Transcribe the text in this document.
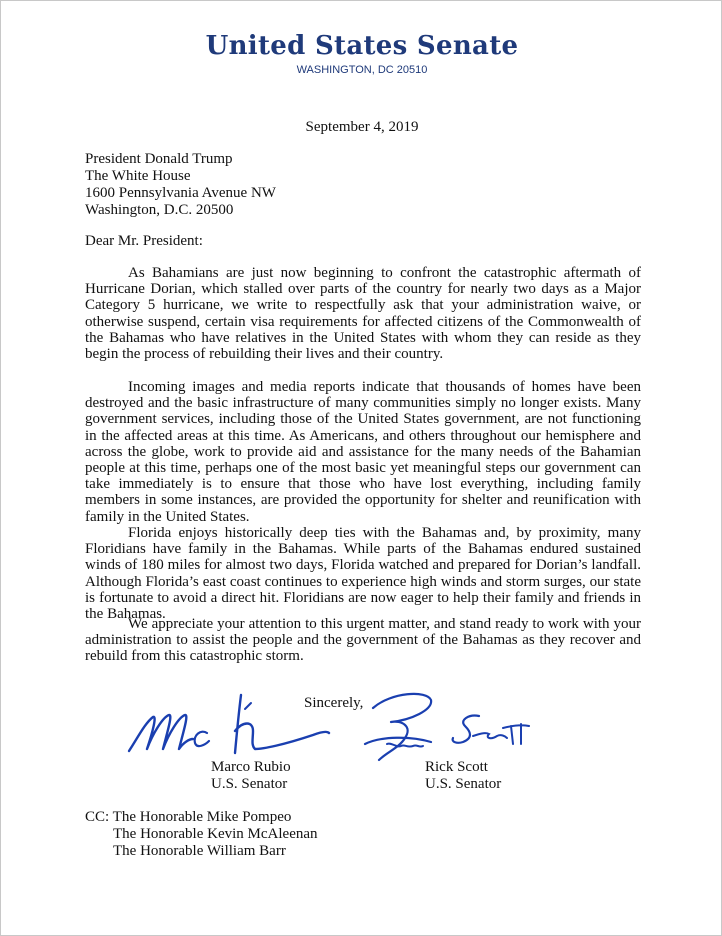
United States Senate
WASHINGTON, DC 20510
September 4, 2019
President Donald Trump
The White House
1600 Pennsylvania Avenue NW
Washington, D.C. 20500
Dear Mr. President:
As Bahamians are just now beginning to confront the catastrophic aftermath of Hurricane Dorian, which stalled over parts of the country for nearly two days as a Major Category 5 hurricane, we write to respectfully ask that your administration waive, or otherwise suspend, certain visa requirements for affected citizens of the Commonwealth of the Bahamas who have relatives in the United States with whom they can reside as they begin the process of rebuilding their lives and their country.
Incoming images and media reports indicate that thousands of homes have been destroyed and the basic infrastructure of many communities simply no longer exists. Many government services, including those of the United States government, are not functioning in the affected areas at this time. As Americans, and others throughout our hemisphere and across the globe, work to provide aid and assistance for the many needs of the Bahamian people at this time, perhaps one of the most basic yet meaningful steps our government can take immediately is to ensure that those who have lost everything, including family members in some instances, are provided the opportunity for shelter and reunification with family in the United States.
Florida enjoys historically deep ties with the Bahamas and, by proximity, many Floridians have family in the Bahamas. While parts of the Bahamas endured sustained winds of 180 miles for almost two days, Florida watched and prepared for Dorian’s landfall. Although Florida’s east coast continues to experience high winds and storm surges, our state is fortunate to avoid a direct hit. Floridians are now eager to help their family and friends in the Bahamas.
We appreciate your attention to this urgent matter, and stand ready to work with your administration to assist the people and the government of the Bahamas as they recover and rebuild from this catastrophic storm.
Sincerely,
Marco Rubio
U.S. Senator
Rick Scott
U.S. Senator
CC: The Honorable Mike Pompeo
The Honorable Kevin McAleenan
The Honorable William Barr
